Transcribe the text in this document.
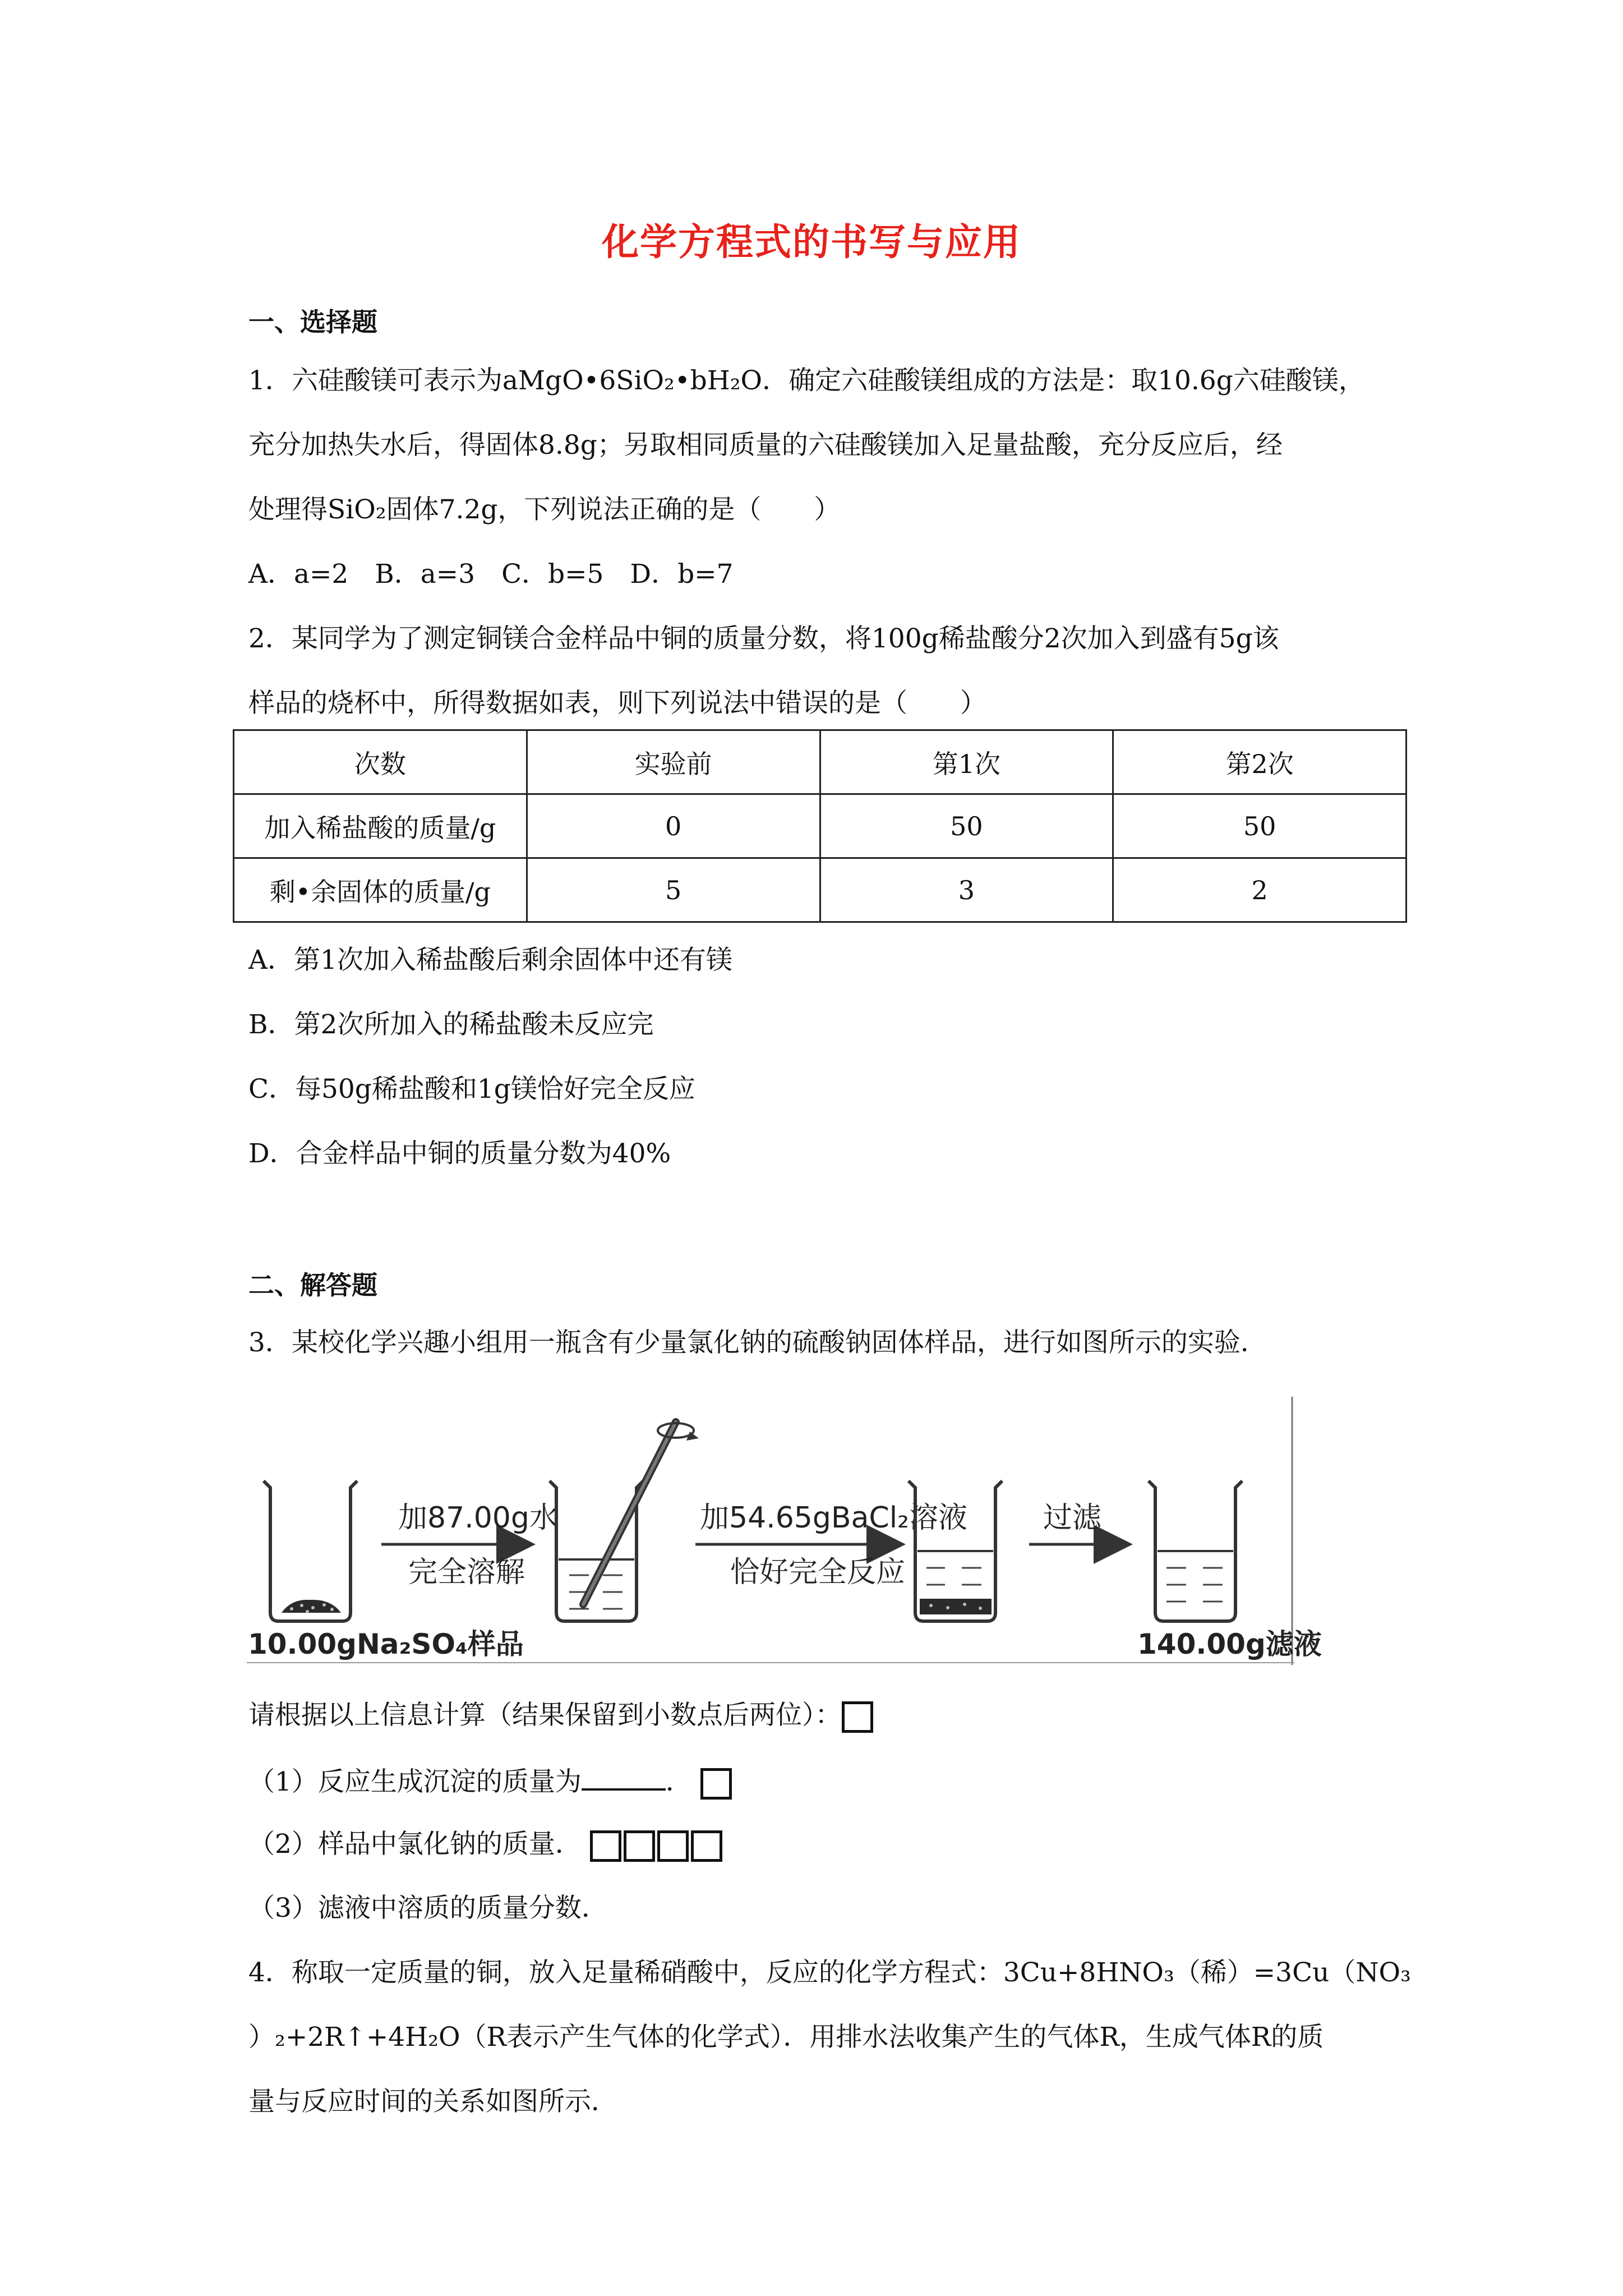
化学方程式的书写与应用
一、选择题
1．六硅酸镁可表示为aMgO•6SiO₂•bH₂O．确定六硅酸镁组成的方法是：取10.6g六硅酸镁，
充分加热失水后，得固体8.8g；另取相同质量的六硅酸镁加入足量盐酸，充分反应后，经
处理得SiO₂固体7.2g，下列说法正确的是（　　）
A．a=2　B．a=3　C．b=5　D．b=7
2．某同学为了测定铜镁合金样品中铜的质量分数，将100g稀盐酸分2次加入到盛有5g该
样品的烧杯中，所得数据如表，则下列说法中错误的是（　　）
次数	实验前	第1次	第2次
加入稀盐酸的质量/g	0	50	50
剩•余固体的质量/g	5	3	2
A．第1次加入稀盐酸后剩余固体中还有镁
B．第2次所加入的稀盐酸未反应完
C．每50g稀盐酸和1g镁恰好完全反应
D．合金样品中铜的质量分数为40%
二、解答题
3．某校化学兴趣小组用一瓶含有少量氯化钠的硫酸钠固体样品，进行如图所示的实验．
加87.00g水
完全溶解
加54.65gBaCl₂溶液
恰好完全反应
过滤
10.00gNa₂SO₄样品	140.00g滤液
请根据以上信息计算（结果保留到小数点后两位）：
（1）反应生成沉淀的质量为	．
（2）样品中氯化钠的质量．
（3）滤液中溶质的质量分数．
4．称取一定质量的铜，放入足量稀硝酸中，反应的化学方程式：3Cu+8HNO₃（稀）=3Cu（NO₃
）₂+2R↑+4H₂O（R表示产生气体的化学式）．用排水法收集产生的气体R，生成气体R的质
量与反应时间的关系如图所示．
